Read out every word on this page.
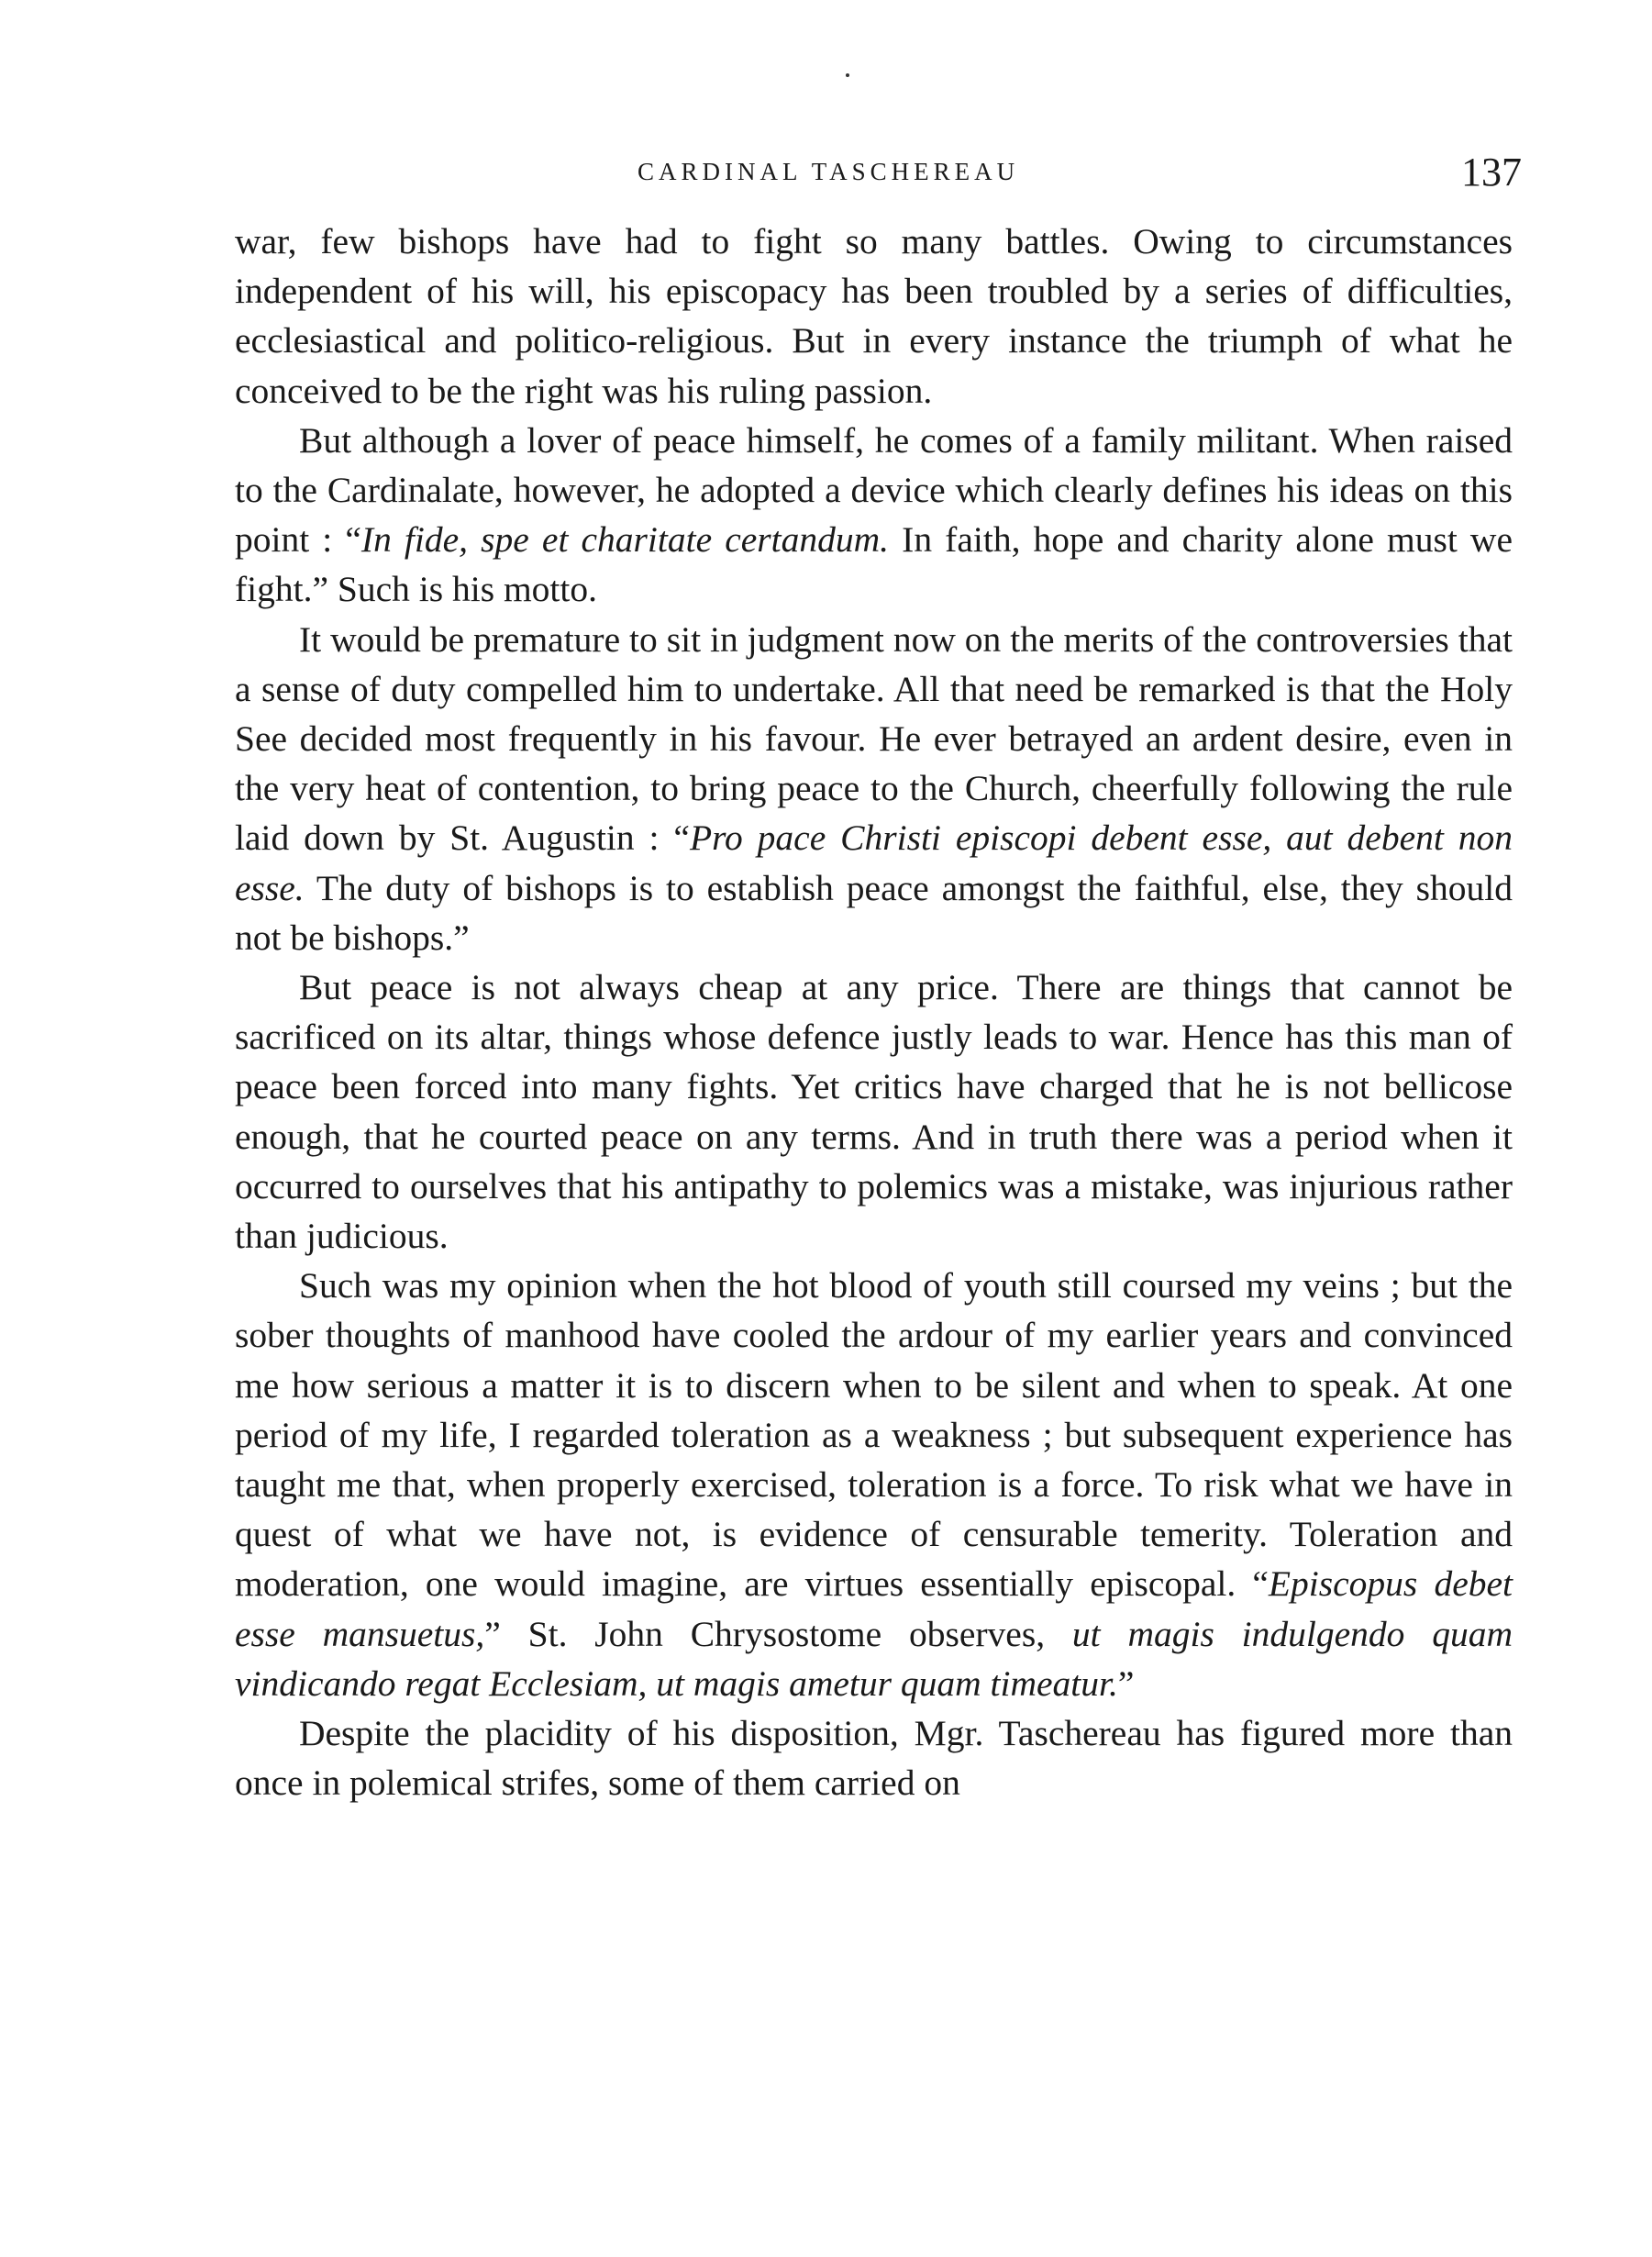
CARDINAL TASCHEREAU	137

war, few bishops have had to fight so many battles. Owing to circumstances independent of his will, his episcopacy has been troubled by a series of difficulties, ecclesiastical and politico-religious. But in every instance the triumph of what he conceived to be the right was his ruling passion.

But although a lover of peace himself, he comes of a family militant. When raised to the Cardinalate, however, he adopted a device which clearly defines his ideas on this point : “In fide, spe et charitate certandum. In faith, hope and charity alone must we fight.” Such is his motto.

It would be premature to sit in judgment now on the merits of the controversies that a sense of duty compelled him to undertake. All that need be remarked is that the Holy See decided most frequently in his favour. He ever betrayed an ardent desire, even in the very heat of contention, to bring peace to the Church, cheerfully following the rule laid down by St. Augustin : “Pro pace Christi episcopi debent esse, aut debent non esse. The duty of bishops is to establish peace amongst the faithful, else, they should not be bishops.”

But peace is not always cheap at any price. There are things that cannot be sacrificed on its altar, things whose defence justly leads to war. Hence has this man of peace been forced into many fights. Yet critics have charged that he is not bellicose enough, that he courted peace on any terms. And in truth there was a period when it occurred to ourselves that his antipathy to polemics was a mistake, was injurious rather than judicious.

Such was my opinion when the hot blood of youth still coursed my veins ; but the sober thoughts of manhood have cooled the ardour of my earlier years and convinced me how serious a matter it is to discern when to be silent and when to speak. At one period of my life, I regarded toleration as a weakness ; but subsequent experience has taught me that, when properly exercised, toleration is a force. To risk what we have in quest of what we have not, is evidence of censurable temerity. Toleration and moderation, one would imagine, are virtues essentially episcopal. “Episcopus debet esse mansuetus,” St. John Chrysostome observes, ut magis indulgendo quam vindicando regat Ecclesiam, ut magis ametur quam timeatur.”

Despite the placidity of his disposition, Mgr. Taschereau has figured more than once in polemical strifes, some of them carried on
